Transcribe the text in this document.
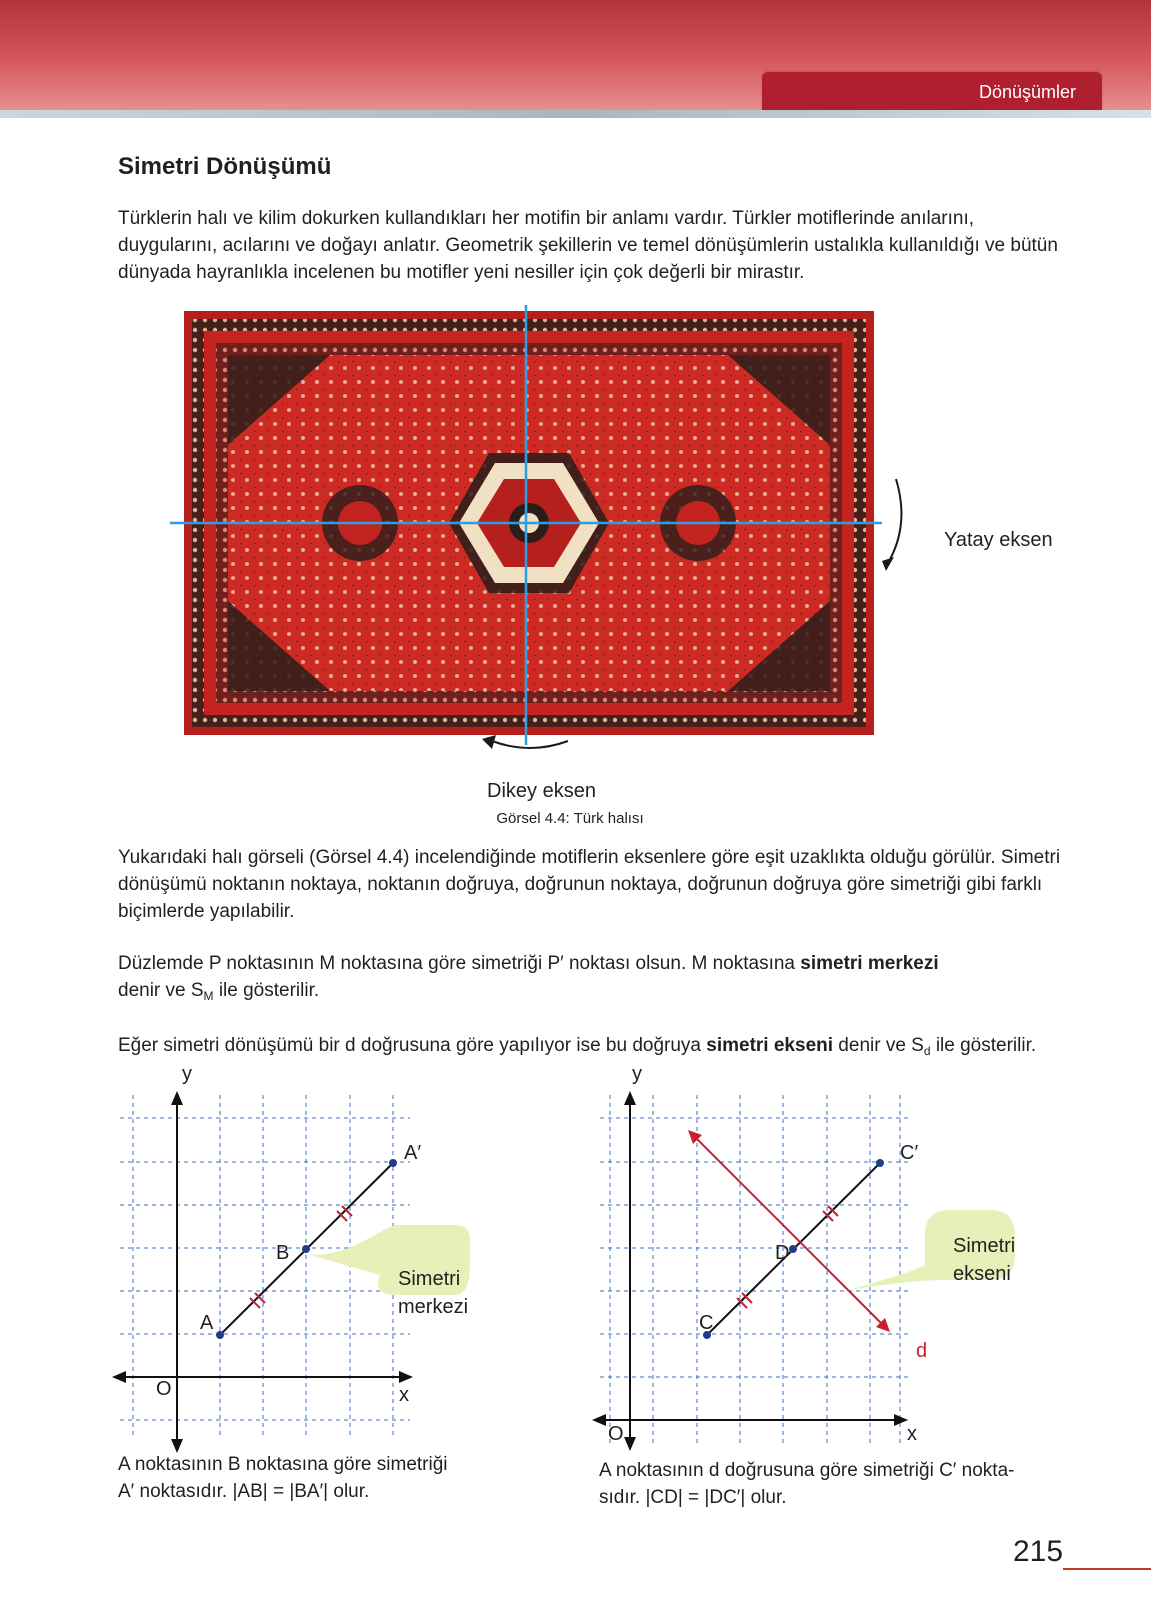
Dönüşümler
Simetri Dönüşümü

Türklerin halı ve kilim dokurken kullandıkları her motifin bir anlamı vardır. Türkler motiflerinde anılarını, duygularını, acılarını ve doğayı anlatır. Geometrik şekillerin ve temel dönüşümlerin ustalıkla kullanıldığı ve bütün dünyada hayranlıkla incelenen bu motifler yeni nesiller için çok değerli bir mirastır.

Yatay eksen
Dikey eksen
Görsel 4.4: Türk halısı

Yukarıdaki halı görseli (Görsel 4.4) incelendiğinde motiflerin eksenlere göre eşit uzaklıkta olduğu görülür. Simetri dönüşümü noktanın noktaya, noktanın doğruya, doğrunun noktaya, doğrunun doğruya göre simetriği gibi farklı biçimlerde yapılabilir.

Düzlemde P noktasının M noktasına göre simetriği P′ noktası olsun. M noktasına simetri merkezi
denir ve $S_M$ ile gösterilir.

Eğer simetri dönüşümü bir d doğrusuna göre yapılıyor ise bu doğruya simetri ekseni denir ve $S_d$ ile gösterilir.

y
x
O
A
B
A′
Simetri merkezi
A noktasının B noktasına göre simetriği
A′ noktasıdır. |AB| = |BA′| olur.
y
x
O
C
D
C′
d
Simetri ekseni
A noktasının d doğrusuna göre simetriği C′ nokta-
sıdır. |CD| = |DC′| olur.
215
